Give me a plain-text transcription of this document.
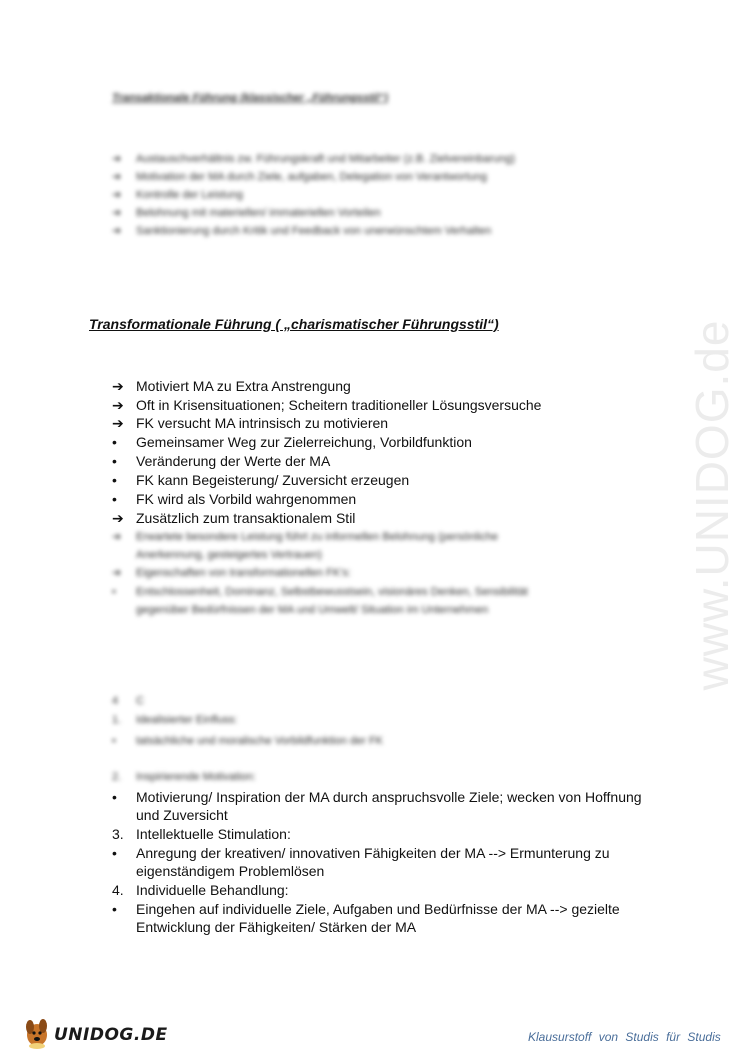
www.UNIDOG.de
Transaktionale Führung (klassischer „Führungsstil“)
➔	Austauschverhältnis zw. Führungskraft und Mitarbeiter (z.B. Zielvereinbarung)
➔	Motivation der MA durch Ziele, aufgaben, Delegation von Verantwortung
➔	Kontrolle der Leistung
➔	Belohnung mit materiellen/ immateriellen Vorteilen
➔	Sanktionierung durch Kritik und Feedback von unerwünschtem Verhalten
Transformationale Führung ( „charismatischer Führungsstil“)
➔ Motiviert MA zu Extra Anstrengung
➔ Oft in Krisensituationen; Scheitern traditioneller Lösungsversuche
➔ FK versucht MA intrinsisch zu motivieren
•	Gemeinsamer Weg zur Zielerreichung, Vorbildfunktion
•	Veränderung der Werte der MA
•	FK kann Begeisterung/ Zuversicht erzeugen
•	FK wird als Vorbild wahrgenommen
➔ Zusätzlich zum transaktionalem Stil
➔	Erwartete besondere Leistung führt zu informellen Belohnung (persönliche
Anerkennung, gesteigertes Vertrauen)
➔	Eigenschaften von transformationellen FK's:
•	Entschlossenheit, Dominanz, Selbstbewusstsein, visionäres Denken, Sensibilität
gegenüber Bedürfnissen der MA und Umwelt/ Situation im Unternehmen
4	C
1.	Idealisierter Einfluss:
•	tatsächliche und moralische Vorbildfunktion der FK
2.	Inspirierende Motivation:
•	Motivierung/ Inspiration der MA durch anspruchsvolle Ziele; wecken von Hoffnung
und Zuversicht
3. Intellektuelle Stimulation:
•	Anregung der kreativen/ innovativen Fähigkeiten der MA --> Ermunterung zu
eigenständigem Problemlösen
4. Individuelle Behandlung:
•	Eingehen auf individuelle Ziele, Aufgaben und Bedürfnisse der MA --> gezielte
Entwicklung der Fähigkeiten/ Stärken der MA
UNIDOG.DE	Klausurstoff von Studis für Studis
